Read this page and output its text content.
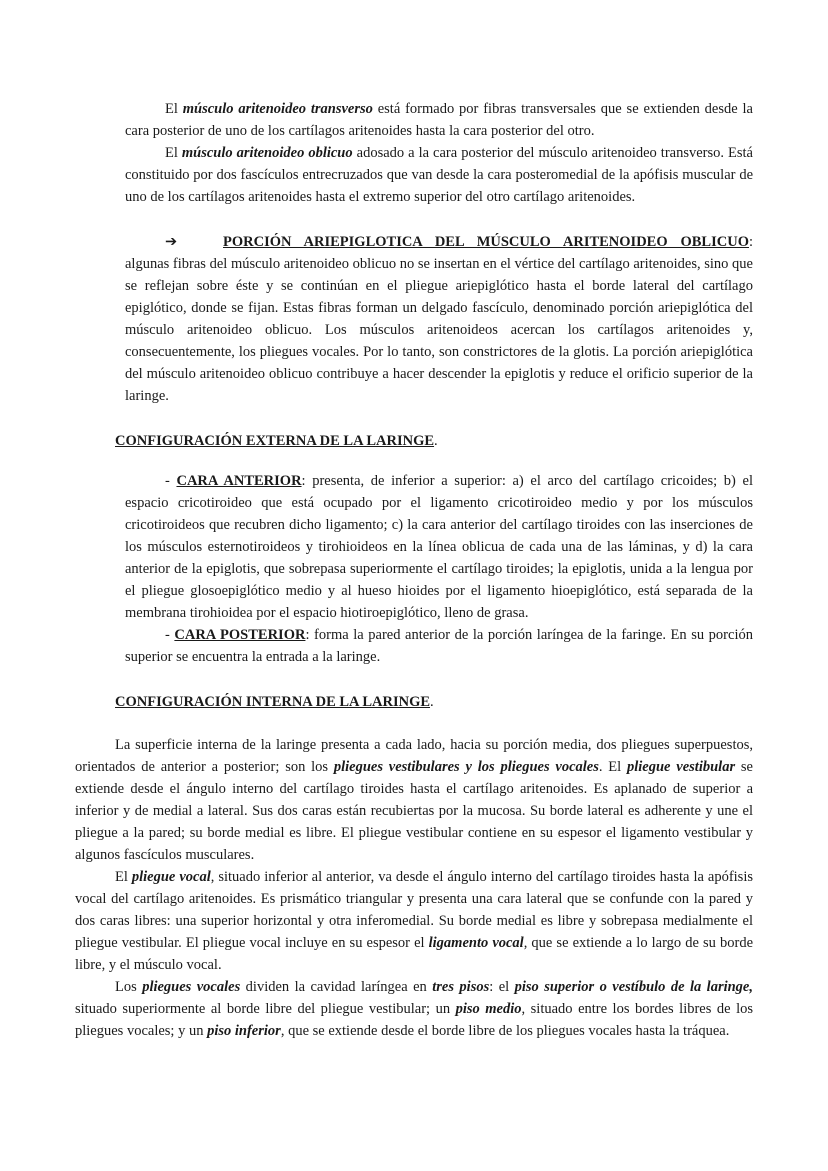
El músculo aritenoideo transverso está formado por fibras transversales que se extienden desde la cara posterior de uno de los cartílagos aritenoides hasta la cara posterior del otro.

El músculo aritenoideo oblicuo adosado a la cara posterior del músculo aritenoideo transverso. Está constituido por dos fascículos entrecruzados que van desde la cara posteromedial de la apófisis muscular de uno de los cartílagos aritenoides hasta el extremo superior del otro cartílago aritenoides.

➔	PORCIÓN ARIEPIGLOTICA DEL MÚSCULO ARITENOIDEO OBLICUO: algunas fibras del músculo aritenoideo oblicuo no se insertan en el vértice del cartílago aritenoides, sino que se reflejan sobre éste y se continúan en el pliegue ariepiglótico hasta el borde lateral del cartílago epiglótico, donde se fijan. Estas fibras forman un delgado fascículo, denominado porción ariepiglótica del músculo aritenoideo oblicuo. Los músculos aritenoideos acercan los cartílagos aritenoides y, consecuentemente, los pliegues vocales. Por lo tanto, son constrictores de la glotis. La porción ariepiglótica del músculo aritenoideo oblicuo contribuye a hacer descender la epiglotis y reduce el orificio superior de la laringe.

CONFIGURACIÓN EXTERNA DE LA LARINGE.

- CARA ANTERIOR: presenta, de inferior a superior: a) el arco del cartílago cricoides; b) el espacio cricotiroideo que está ocupado por el ligamento cricotiroideo medio y por los músculos cricotiroideos que recubren dicho ligamento; c) la cara anterior del cartílago tiroides con las inserciones de los músculos esternotiroideos y tirohioideos en la línea oblicua de cada una de las láminas, y d) la cara anterior de la epiglotis, que sobrepasa superiormente el cartílago tiroides; la epiglotis, unida a la lengua por el pliegue glosoepiglótico medio y al hueso hioides por el ligamento hioepiglótico, está separada de la membrana tirohioidea por el espacio hiotiroepiglótico, lleno de grasa.

- CARA POSTERIOR: forma la pared anterior de la porción laríngea de la faringe. En su porción superior se encuentra la entrada a la laringe.

CONFIGURACIÓN INTERNA DE LA LARINGE.

La superficie interna de la laringe presenta a cada lado, hacia su porción media, dos pliegues superpuestos, orientados de anterior a posterior; son los pliegues vestibulares y los pliegues vocales. El pliegue vestibular se extiende desde el ángulo interno del cartílago tiroides hasta el cartílago aritenoides. Es aplanado de superior a inferior y de medial a lateral. Sus dos caras están recubiertas por la mucosa. Su borde lateral es adherente y une el pliegue a la pared; su borde medial es libre. El pliegue vestibular contiene en su espesor el ligamento vestibular y algunos fascículos musculares.

El pliegue vocal, situado inferior al anterior, va desde el ángulo interno del cartílago tiroides hasta la apófisis vocal del cartílago aritenoides. Es prismático triangular y presenta una cara lateral que se confunde con la pared y dos caras libres: una superior horizontal y otra inferomedial. Su borde medial es libre y sobrepasa medialmente el pliegue vestibular. El pliegue vocal incluye en su espesor el ligamento vocal, que se extiende a lo largo de su borde libre, y el músculo vocal.

Los pliegues vocales dividen la cavidad laríngea en tres pisos: el piso superior o vestíbulo de la laringe, situado superiormente al borde libre del pliegue vestibular; un piso medio, situado entre los bordes libres de los pliegues vocales; y un piso inferior, que se extiende desde el borde libre de los pliegues vocales hasta la tráquea.
